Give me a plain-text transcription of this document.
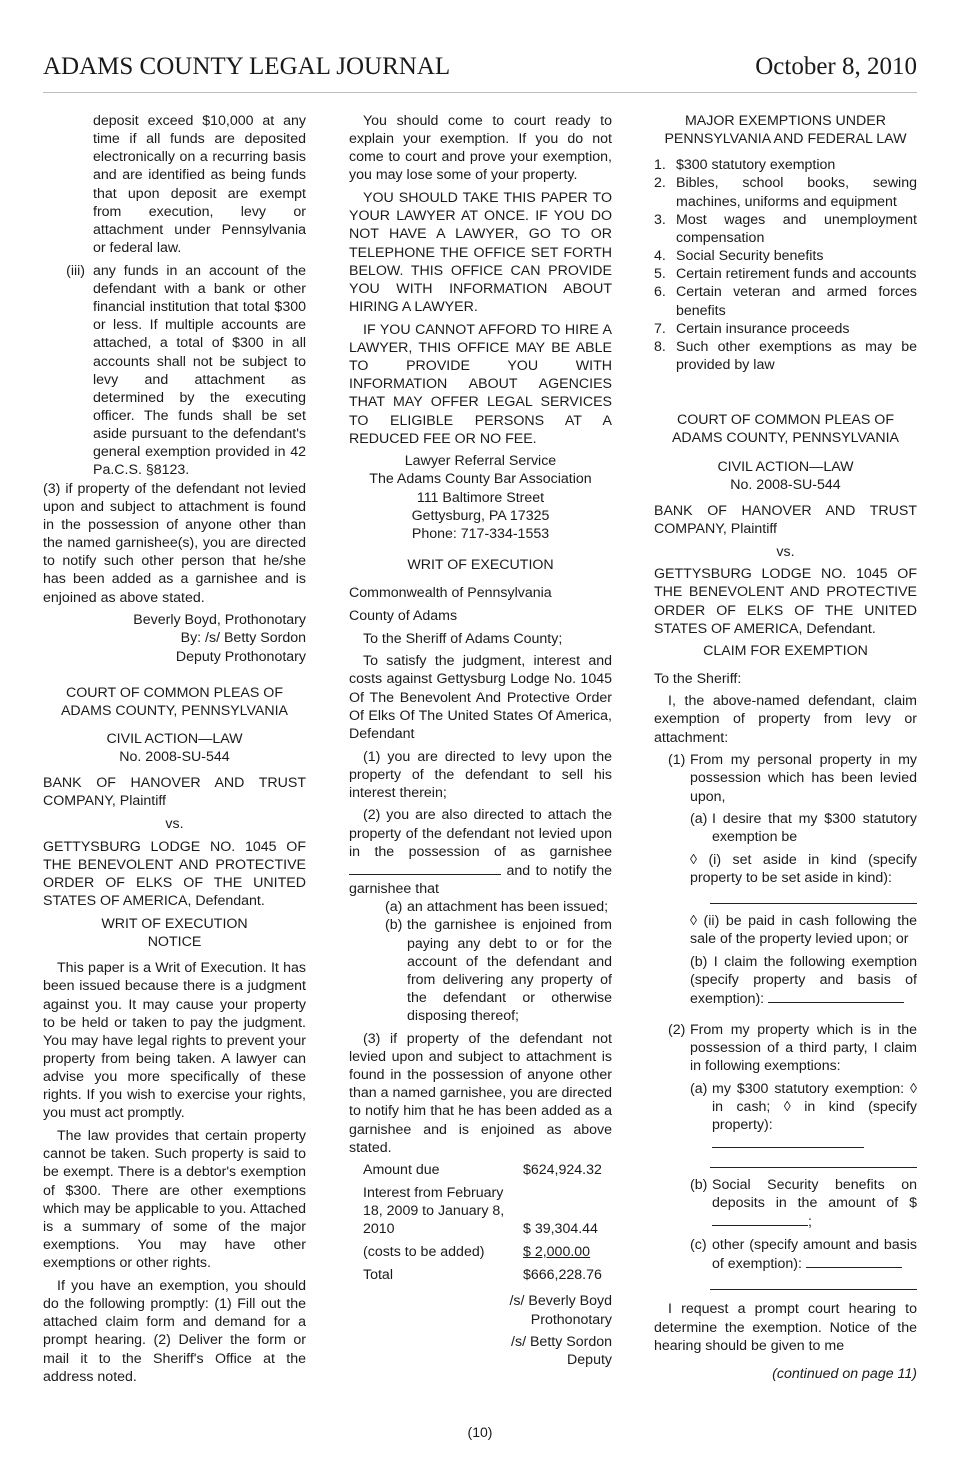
ADAMS COUNTY LEGAL JOURNAL	October 8, 2010

deposit exceed $10,000 at any time if all funds are deposited electronically on a recurring basis and are identified as being funds that upon deposit are exempt from execution, levy or attachment under Pennsylvania or federal law.

(iii) any funds in an account of the defendant with a bank or other financial institution that total $300 or less. If multiple accounts are attached, a total of $300 in all accounts shall not be subject to levy and attachment as determined by the executing officer. The funds shall be set aside pursuant to the defendant's general exemption provided in 42 Pa.C.S. §8123.

(3) if property of the defendant not levied upon and subject to attachment is found in the possession of anyone other than the named garnishee(s), you are directed to notify such other person that he/she has been added as a garnishee and is enjoined as above stated.

Beverly Boyd, Prothonotary

By: /s/ Betty Sordon

Deputy Prothonotary

COURT OF COMMON PLEAS OF

ADAMS COUNTY, PENNSYLVANIA

CIVIL ACTION—LAW

No. 2008-SU-544

BANK OF HANOVER AND TRUST COMPANY, Plaintiff

vs.

GETTYSBURG LODGE NO. 1045 OF THE BENEVOLENT AND PROTECTIVE ORDER OF ELKS OF THE UNITED STATES OF AMERICA, Defendant.

WRIT OF EXECUTION

NOTICE

This paper is a Writ of Execution. It has been issued because there is a judgment against you. It may cause your property to be held or taken to pay the judgment. You may have legal rights to prevent your property from being taken. A lawyer can advise you more specifically of these rights. If you wish to exercise your rights, you must act promptly.

The law provides that certain property cannot be taken. Such property is said to be exempt. There is a debtor's exemption of $300. There are other exemptions which may be applicable to you. Attached is a summary of some of the major exemptions. You may have other exemptions or other rights.

If you have an exemption, you should do the following promptly: (1) Fill out the attached claim form and demand for a prompt hearing. (2) Deliver the form or mail it to the Sheriff's Office at the address noted.

You should come to court ready to explain your exemption. If you do not come to court and prove your exemption, you may lose some of your property.

YOU SHOULD TAKE THIS PAPER TO YOUR LAWYER AT ONCE. IF YOU DO NOT HAVE A LAWYER, GO TO OR TELEPHONE THE OFFICE SET FORTH BELOW. THIS OFFICE CAN PROVIDE YOU WITH INFORMATION ABOUT HIRING A LAWYER.

IF YOU CANNOT AFFORD TO HIRE A LAWYER, THIS OFFICE MAY BE ABLE TO PROVIDE YOU WITH INFORMATION ABOUT AGENCIES THAT MAY OFFER LEGAL SERVICES TO ELIGIBLE PERSONS AT A REDUCED FEE OR NO FEE.

Lawyer Referral Service

The Adams County Bar Association

111 Baltimore Street

Gettysburg, PA 17325

Phone: 717-334-1553

WRIT OF EXECUTION

Commonwealth of Pennsylvania

County of Adams

To the Sheriff of Adams County;

To satisfy the judgment, interest and costs against Gettysburg Lodge No. 1045 Of The Benevolent And Protective Order Of Elks Of The United States Of America, Defendant

(1) you are directed to levy upon the property of the defendant to sell his interest therein;

(2) you are also directed to attach the property of the defendant not levied upon in the possession of as garnishee  and to notify the garnishee that

(a) an attachment has been issued;
(b) the garnishee is enjoined from paying any debt to or for the account of the defendant and from delivering any property of the defendant or otherwise disposing thereof;

(3) if property of the defendant not levied upon and subject to attachment is found in the possession of anyone other than a named garnishee, you are directed to notify him that he has been added as a garnishee and is enjoined as above stated.

Amount due	$624,924.32
Interest from February 18, 2009 to January 8, 2010	$ 39,304.44
(costs to be added)	$ 2,000.00
Total	$666,228.76

/s/ Beverly Boyd

Prothonotary

/s/ Betty Sordon

Deputy

MAJOR EXEMPTIONS UNDER

PENNSYLVANIA AND FEDERAL LAW

1. $300 statutory exemption
2. Bibles, school books, sewing machines, uniforms and equipment
3. Most wages and unemployment compensation
4. Social Security benefits
5. Certain retirement funds and accounts
6. Certain veteran and armed forces benefits
7. Certain insurance proceeds
8. Such other exemptions as may be provided by law

COURT OF COMMON PLEAS OF

ADAMS COUNTY, PENNSYLVANIA

CIVIL ACTION—LAW

No. 2008-SU-544

BANK OF HANOVER AND TRUST COMPANY, Plaintiff

vs.

GETTYSBURG LODGE NO. 1045 OF THE BENEVOLENT AND PROTECTIVE ORDER OF ELKS OF THE UNITED STATES OF AMERICA, Defendant.

CLAIM FOR EXEMPTION

To the Sheriff:

I, the above-named defendant, claim exemption of property from levy or attachment:

(1) From my personal property in my possession which has been levied upon,
(a) I desire that my $300 statutory exemption be

◊ (i) set aside in kind (specify property to be set aside in kind):

◊ (ii) be paid in cash following the sale of the property levied upon; or

(b) I claim the following exemption (specify property and basis of exemption):
(2) From my property which is in the possession of a third party, I claim in following exemptions:
(a) my $300 statutory exemption: ◊ in cash; ◊ in kind (specify property):
(b) Social Security benefits on deposits in the amount of $;
(c) other (specify amount and basis of exemption):

I request a prompt court hearing to determine the exemption. Notice of the hearing should be given to me

(continued on page 11)

(10)
